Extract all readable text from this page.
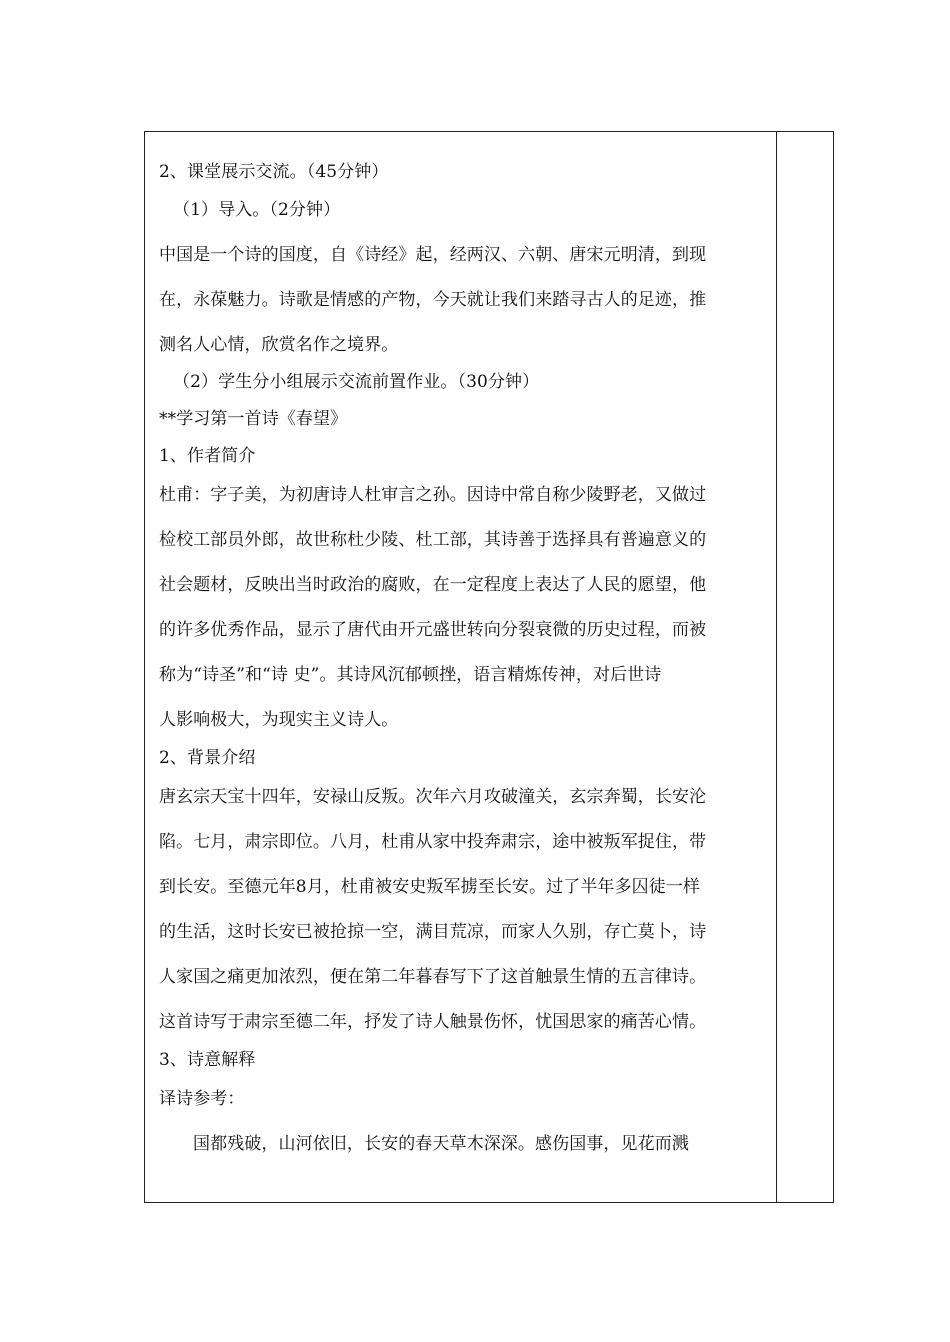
2、课堂展示交流。（45分钟）

（1）导入。（2分钟）

中国是一个诗的国度，自《诗经》起，经两汉、六朝、唐宋元明清，到现

在，永葆魅力。诗歌是情感的产物，今天就让我们来踏寻古人的足迹，推

测名人心情，欣赏名作之境界。

（2）学生分小组展示交流前置作业。（30分钟）

**学习第一首诗《春望》

1、作者简介

杜甫：字子美，为初唐诗人杜审言之孙。因诗中常自称少陵野老，又做过

检校工部员外郎，故世称杜少陵、杜工部，其诗善于选择具有普遍意义的

社会题材，反映出当时政治的腐败，在一定程度上表达了人民的愿望，他

的许多优秀作品，显示了唐代由开元盛世转向分裂衰微的历史过程，而被

称为“诗圣”和“诗 史”。其诗风沉郁顿挫，语言精炼传神，对后世诗

人影响极大，为现实主义诗人。

2、背景介绍

唐玄宗天宝十四年，安禄山反叛。次年六月攻破潼关，玄宗奔蜀，长安沦

陷。七月，肃宗即位。八月，杜甫从家中投奔肃宗，途中被叛军捉住，带

到长安。至德元年8月，杜甫被安史叛军掳至长安。过了半年多囚徒一样

的生活，这时长安已被抢掠一空，满目荒凉，而家人久别，存亡莫卜，诗

人家国之痛更加浓烈，便在第二年暮春写下了这首触景生情的五言律诗。

这首诗写于肃宗至德二年，抒发了诗人触景伤怀，忧国思家的痛苦心情。

3、诗意解释

译诗参考：

国都残破，山河依旧，长安的春天草木深深。感伤国事，见花而溅
